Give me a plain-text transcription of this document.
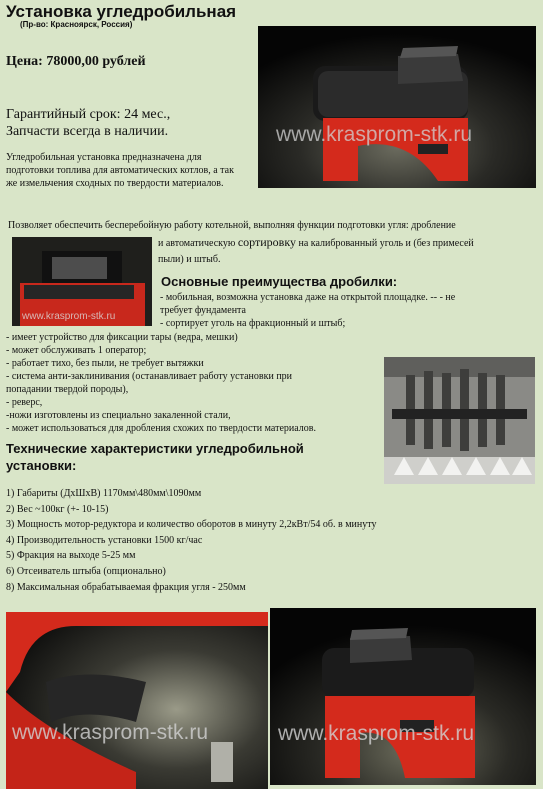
Установка угледробильная
(Пр-во: Красноярск, Россия)
Цена: 78000,00 рублей
Гарантийный срок: 24 мес.,
Запчасти всегда в наличии.
Угледробильная установка предназначена для подготовки топлива для автоматических котлов, а так же измельчения сходных по твердости материалов.
www.krasprom-stk.ru
Позволяет обеспечить бесперебойную работу котельной, выполняя функции подготовки угля: дробление
и автоматическую сортировку на калиброванный уголь и (без примесей
пыли) и штыб.
www.krasprom-stk.ru
Основные преимущества дробилки:
- мобильная, возможна установка даже на открытой площадке. -- - не
требует фундамента
- сортирует уголь на фракционный и штыб;
- имеет устройство для фиксации тары (ведра, мешки)
- может обслуживать 1 оператор;
- работает тихо, без пыли, не требует вытяжки
- система анти-заклинивания (останавливает работу установки при
попадании твердой породы),
- реверс,
-ножи изготовлены из специально закаленной стали,
- может использоваться для дробления схожих по твердости материалов.
Технические характеристики угледробильной установки:
1) Габариты (ДхШхВ) 1170мм\480мм\1090мм
2) Вес ~100кг (+- 10-15)
3) Мощность мотор-редуктора и количество оборотов в минуту 2,2кВт/54 об. в минуту
4) Производительность установки 1500 кг/час
5) Фракция на выходе 5-25 мм
6) Отсеиватель штыба (опционально)
8) Максимальная обрабатываемая фракция угля - 250мм
www.krasprom-stk.ru	www.krasprom-stk.ru
